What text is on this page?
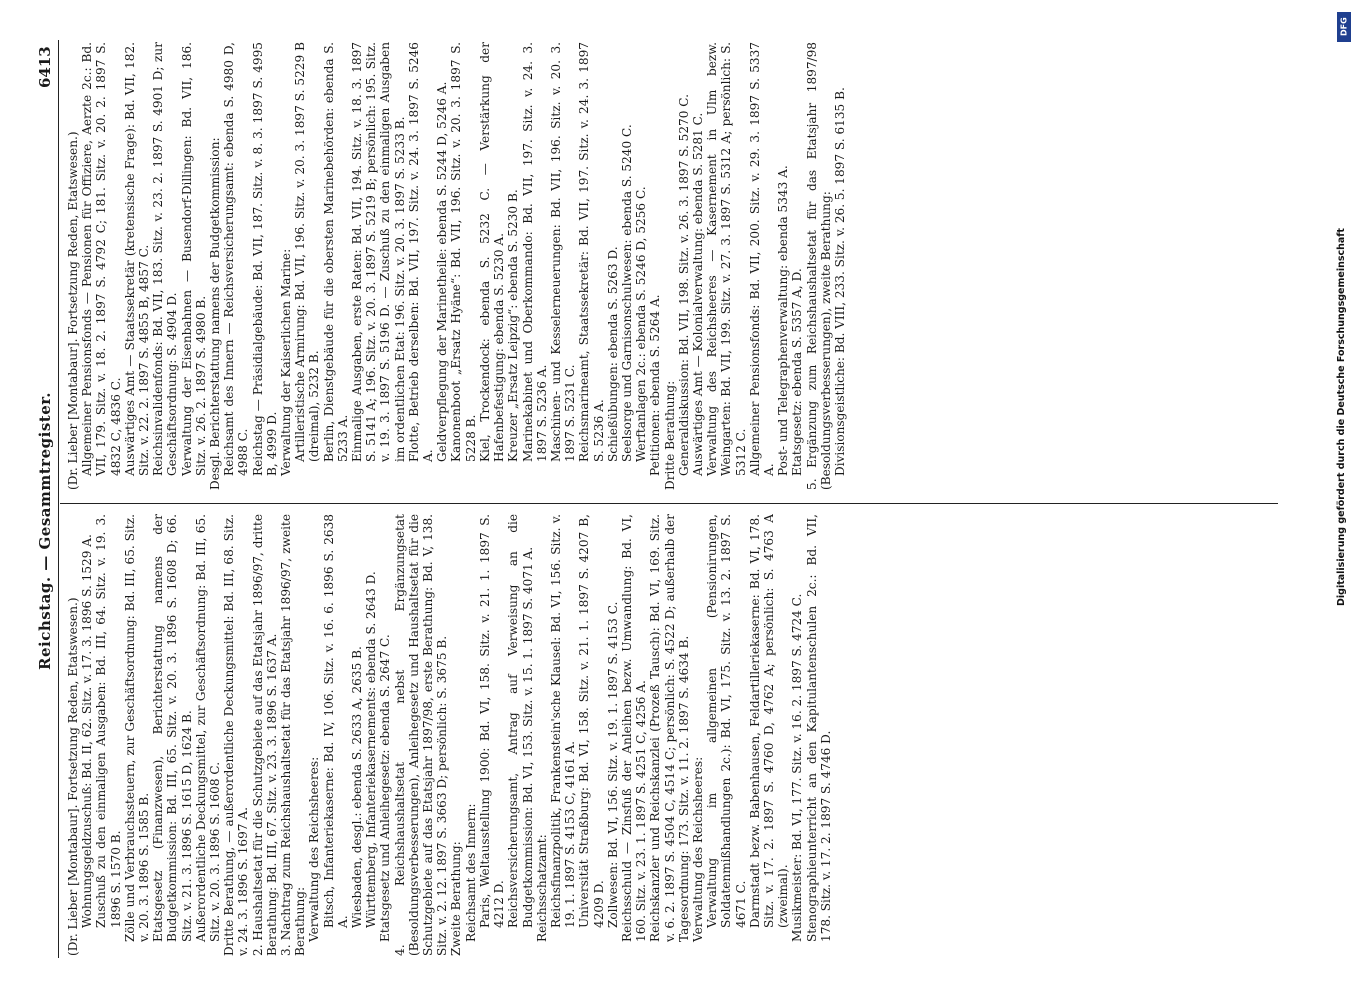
Reichstag. — Gesammtregister.
6413
(Dr. Lieber [Montabaur]. Fortsetzung Reden, Etatswesen.) Wohnungsgeldzuschuß: Bd. II, 62. Sitz. v. 17. 3. 1896 S. 1529 A. Zuschuß zu den einmaligen Ausgaben: Bd. III, 64. Sitz. v. 19. 3. 1896 S. 1570 B. Zölle und Verbrauchssteuern, zur Geschäftsordnung: Bd. III, 65. Sitz. v. 20. 3. 1896 S. 1585 B. Etatsgesetz (Finanzwesen), Berichterstattung namens der Budgetkommission: Bd. III, 65. Sitz. v. 20. 3. 1896 S. 1608 D; 66. Sitz. v. 21. 3. 1896 S. 1615 D, 1624 B. Außerordentliche Deckungsmittel, zur Geschäftsordnung: Bd. III, 65. Sitz. v. 20. 3. 1896 S. 1608 C. Dritte Berathung, — außerordentliche Deckungsmittel: Bd. III, 68. Sitz. v. 24. 3. 1896 S. 1697 A. 2. Haushaltsetat für die Schutzgebiete auf das Etatsjahr 1896/97, dritte Berathung: Bd. III, 67. Sitz. v. 23. 3. 1896 S. 1637 A. 3. Nachtrag zum Reichshaushaltsetat für das Etatsjahr 1896/97, zweite Berathung: Verwaltung des Reichsheeres: Bitsch, Infanteriekaserne: Bd. IV, 106. Sitz. v. 16. 6. 1896 S. 2638 A. Wiesbaden, desgl.: ebenda S. 2633 A, 2635 B. Württemberg, Infanteriekasernements: ebenda S. 2643 D. Etatsgesetz und Anleihegesetz: ebenda S. 2647 C. 4. Reichshaushaltsetat nebst Ergänzungsetat (Besoldungsverbesserungen), Anleihegesetz und Haushaltsetat für die Schutzgebiete auf das Etatsjahr 1897/98, erste Berathung: Bd. V, 138. Sitz. v. 2. 12. 1897 S. 3663 D; persönlich: S. 3675 B. Zweite Berathung: Reichsamt des Innern: Paris, Weltausstellung 1900: Bd. VI, 158. Sitz. v. 21. 1. 1897 S. 4212 D. Reichsversicherungsamt, Antrag auf Verweisung an die Budgetkommission: Bd. VI, 153. Sitz. v. 15. 1. 1897 S. 4071 A. Reichsschatzamt: Reichsfinanzpolitik, Frankenstein'sche Klausel: Bd. VI, 156. Sitz. v. 19. 1. 1897 S. 4153 C, 4161 A. Universität Straßburg: Bd. VI, 158. Sitz. v. 21. 1. 1897 S. 4207 B, 4209 D. Zollwesen: Bd. VI, 156. Sitz. v. 19. 1. 1897 S. 4153 C. Reichsschuld — Zinsfuß der Anleihen bezw. Umwandlung: Bd. VI, 160. Sitz. v. 23. 1. 1897 S. 4251 C, 4256 A. Reichskanzler und Reichskanzlei (Prozeß Tausch): Bd. VI, 169. Sitz. v. 6. 2. 1897 S. 4504 C, 4514 C; persönlich: S. 4522 D; außerhalb der Tagesordnung: 173. Sitz. v. 11. 2. 1897 S. 4634 B. Verwaltung des Reichsheeres: Verwaltung im allgemeinen (Pensionirungen, Soldatenmißhandlungen 2c.): Bd. VI, 175. Sitz. v. 13. 2. 1897 S. 4671 C. Darmstadt bezw. Babenhausen, Feldartilleriekaserne: Bd. VI, 178. Sitz. v. 17. 2. 1897 S. 4760 D, 4762 A; persönlich: S. 4763 A (zweimal). Musikmeister: Bd. VI, 177. Sitz. v. 16. 2. 1897 S. 4724 C. Stenographieunterricht an den Kapitulantenschulen 2c.: Bd. VII, 178. Sitz. v. 17. 2. 1897 S. 4746 D.
(Dr. Lieber [Montabaur]. Fortsetzung Reden, Etatswesen.) Allgemeiner Pensionsfonds — Pensionen für Offiziere, Aerzte 2c.: Bd. VII, 179. Sitz. v. 18. 2. 1897 S. 4792 C; 181. Sitz. v. 20. 2. 1897 S. 4832 C, 4836 C. Auswärtiges Amt — Staatssekretär (kretensische Frage): Bd. VII, 182. Sitz. v. 22. 2. 1897 S. 4855 B, 4857 C. Reichsinvalidenfonds: Bd. VII, 183. Sitz. v. 23. 2. 1897 S. 4901 D; zur Geschäftsordnung: S. 4904 D. Verwaltung der Eisenbahnen — Busendorf-Dillingen: Bd. VII, 186. Sitz. v. 26. 2. 1897 S. 4980 B. Desgl. Berichterstattung namens der Budgetkommission: Reichsamt des Innern — Reichsversicherungsamt: ebenda S. 4980 D, 4988 C. Reichstag — Präsidialgebäude: Bd. VII, 187. Sitz. v. 8. 3. 1897 S. 4995 B, 4999 D. Verwaltung der Kaiserlichen Marine: Artilleristische Armirung: Bd. VII, 196. Sitz. v. 20. 3. 1897 S. 5229 B (dreimal), 5232 B. Berlin, Dienstgebäude für die obersten Marinebehörden: ebenda S. 5233 A. Einmalige Ausgaben, erste Raten: Bd. VII, 194. Sitz. v. 18. 3. 1897 S. 5141 A; 196. Sitz. v. 20. 3. 1897 S. 5219 B; persönlich: 195. Sitz. v. 19. 3. 1897 S. 5196 D. — Zuschuß zu den einmaligen Ausgaben im ordentlichen Etat: 196. Sitz. v. 20. 3. 1897 S. 5233 B. Flotte, Betrieb derselben: Bd. VII, 197. Sitz. v. 24. 3. 1897 S. 5246 A. Geldverpflegung der Marinetheile: ebenda S. 5244 D, 5246 A. Kanonenboot „Ersatz Hyäne“: Bd. VII, 196. Sitz. v. 20. 3. 1897 S. 5228 B. Kiel, Trockendock: ebenda S. 5232 C. — Verstärkung der Hafenbefestigung: ebenda S. 5230 A. Kreuzer „Ersatz Leipzig“: ebenda S. 5230 B. Marinekabinet und Oberkommando: Bd. VII, 197. Sitz. v. 24. 3. 1897 S. 5236 A. Maschinen- und Kesselerneuerungen: Bd. VII, 196. Sitz. v. 20. 3. 1897 S. 5231 C. Reichsmarineamt, Staatssekretär: Bd. VII, 197. Sitz. v. 24. 3. 1897 S. 5236 A. Schießübungen: ebenda S. 5263 D. Seelsorge und Garnisonschulwesen: ebenda S. 5240 C. Werftanlagen 2c.: ebenda S. 5246 D, 5256 C. Petitionen: ebenda S. 5264 A. Dritte Berathung: Generaldiskussion: Bd. VII, 198. Sitz. v. 26. 3. 1897 S. 5270 C. Auswärtiges Amt — Kolonialverwaltung: ebenda S. 5281 C. Verwaltung des Reichsheeres — Kasernement in Ulm bezw. Weingarten: Bd. VII, 199. Sitz. v. 27. 3. 1897 S. 5312 A; persönlich: S. 5312 C. Allgemeiner Pensionsfonds: Bd. VII, 200. Sitz. v. 29. 3. 1897 S. 5337 A. Post- und Telegraphenverwaltung: ebenda 5343 A. Etatsgesetz: ebenda S. 5357 A, D. 5. Ergänzung zum Reichshaushaltsetat für das Etatsjahr 1897/98 (Besoldungsverbesserungen), zweite Berathung: Divisionsgeistliche: Bd. VIII, 233. Sitz. v. 26. 5. 1897 S. 6135 B.
DFG
Digitalisierung gefördert durch die Deutsche Forschungsgemeinschaft
